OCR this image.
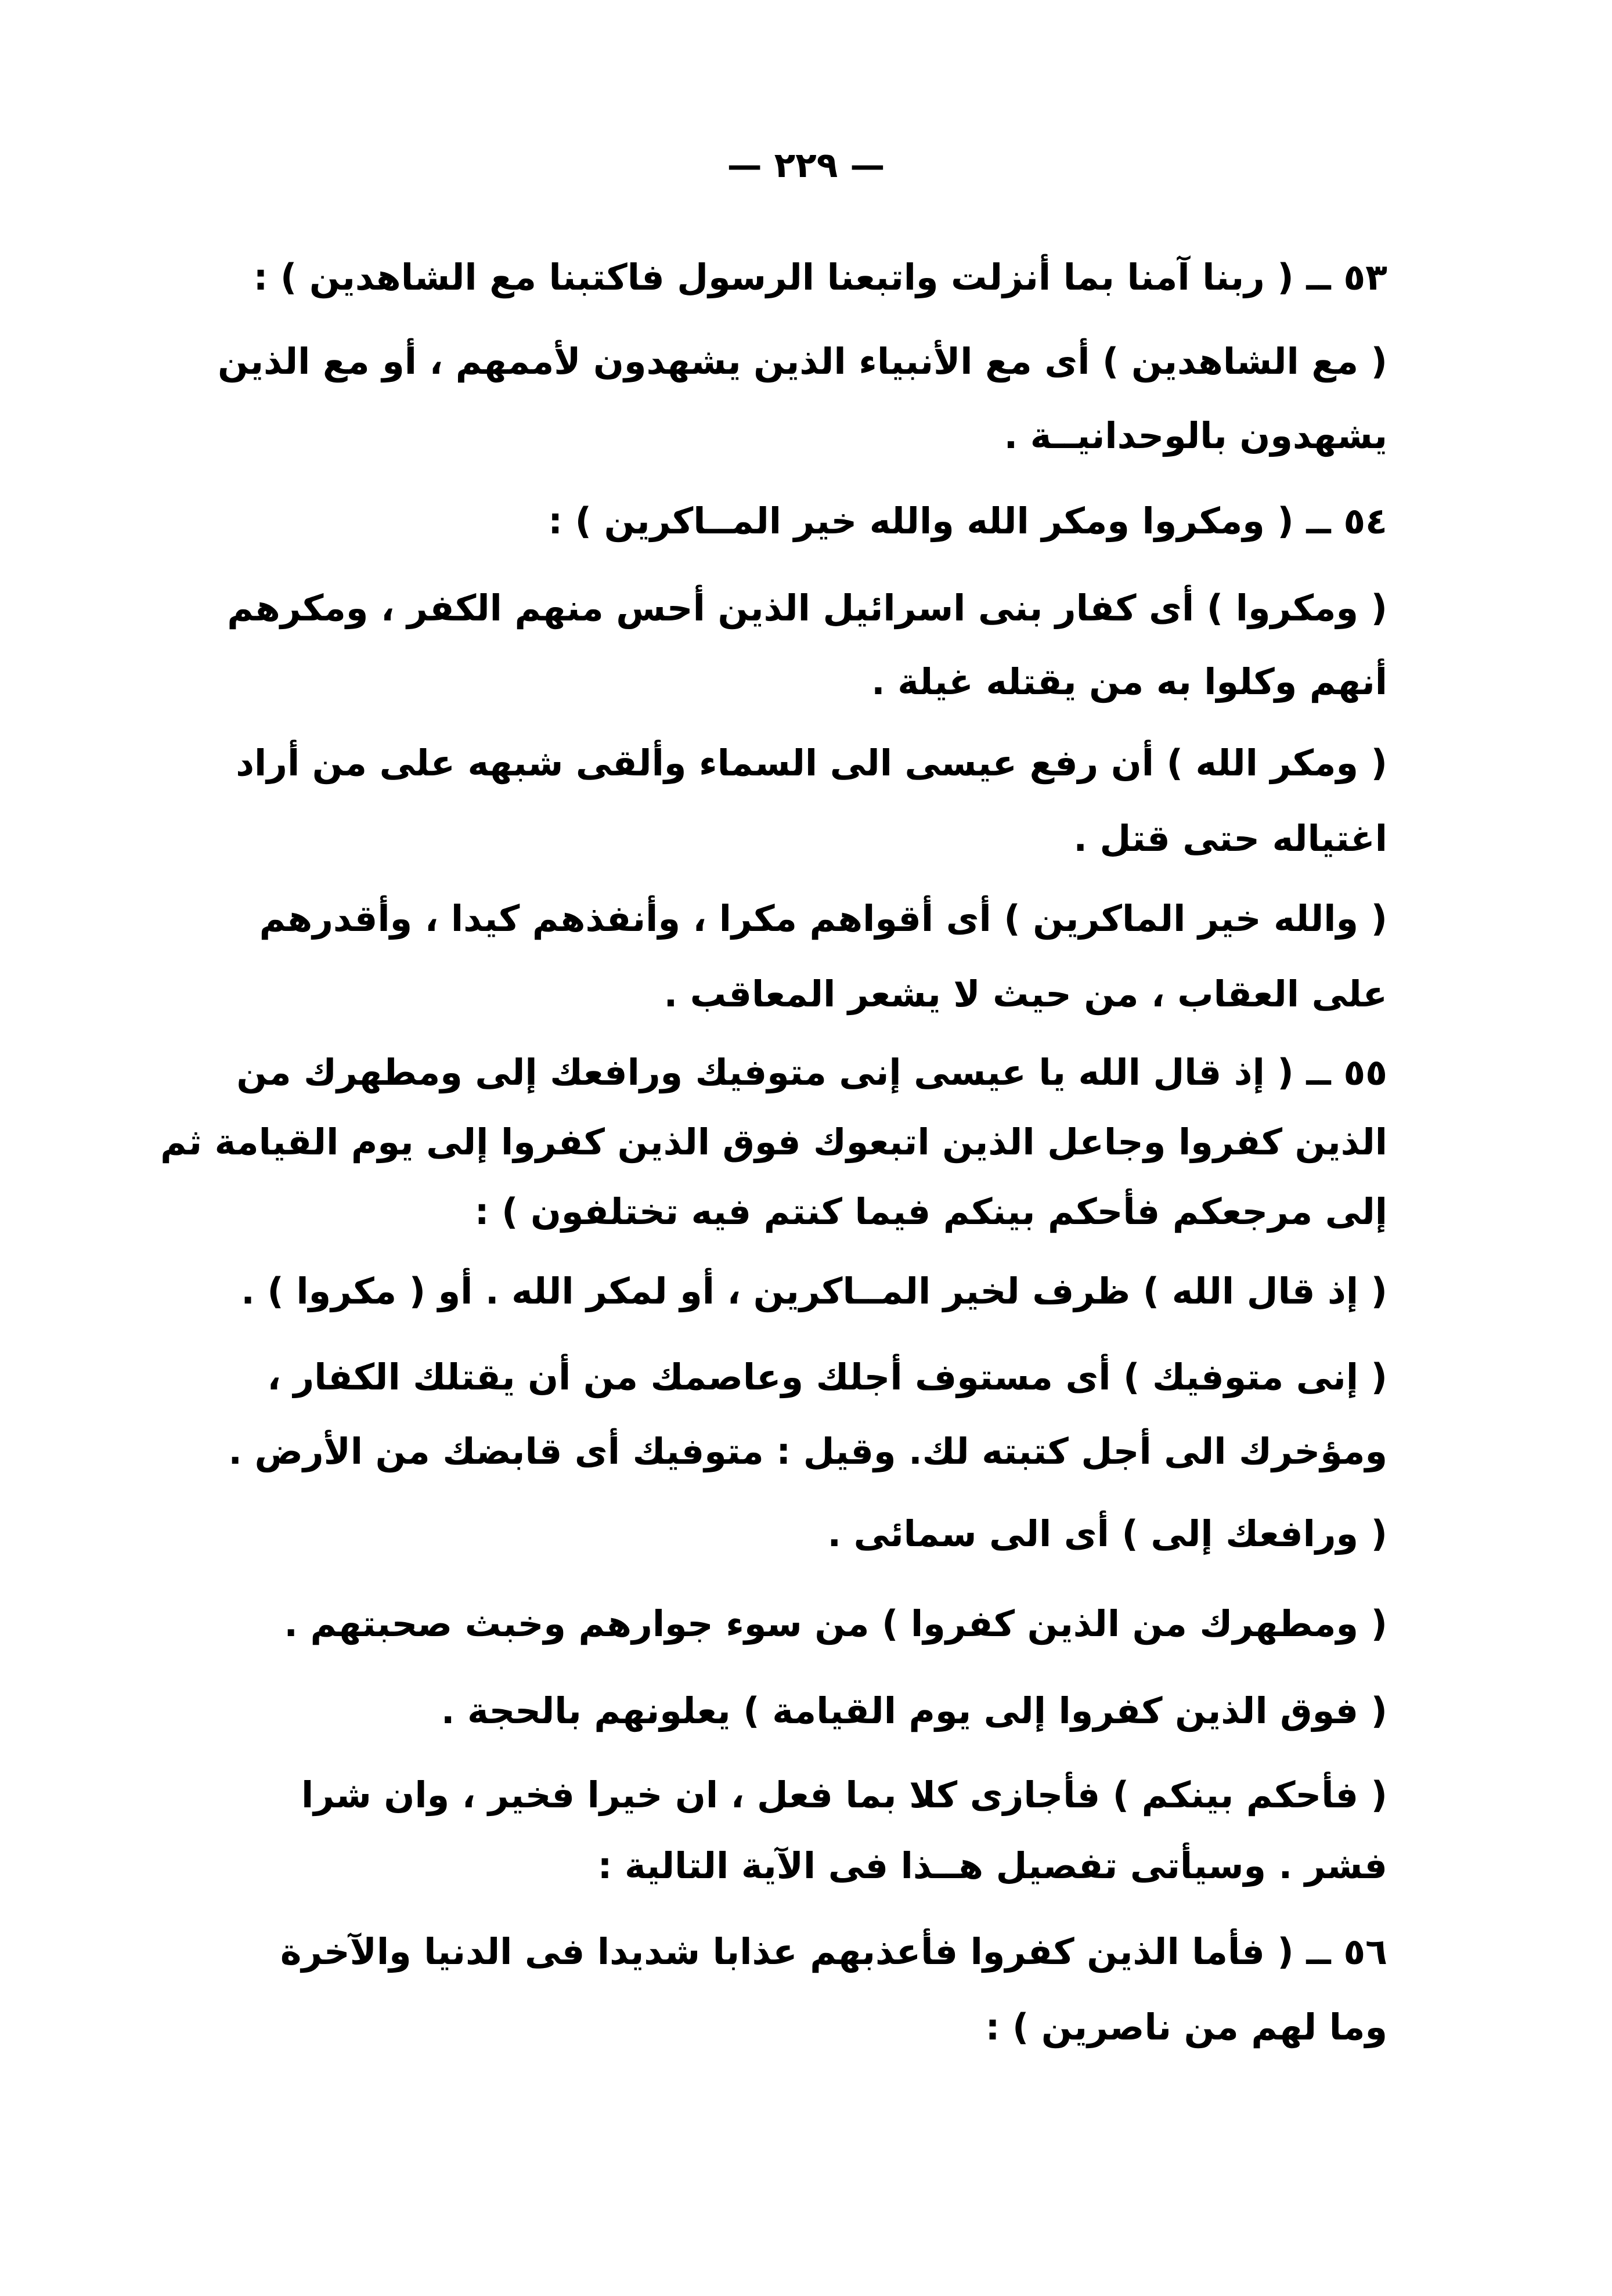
— ٢٢٩ —
٥٣ ــ ( ربنا آمنا بما أنزلت واتبعنا الرسول فاكتبنا مع الشاهدين ) :
( مع الشاهدين ) أى مع الأنبياء الذين يشهدون لأممهم ، أو مع الذين
يشهدون بالوحدانيــة .
٥٤ ــ ( ومكروا ومكر الله والله خير المــاكرين ) :
( ومكروا ) أى كفار بنى اسرائيل الذين أحس منهم الكفر ، ومكرهم
أنهم وكلوا به من يقتله غيلة .
( ومكر الله ) أن رفع عيسى الى السماء وألقى شبهه على من أراد
اغتياله حتى قتل .
( والله خير الماكرين ) أى أقواهم مكرا ، وأنفذهم كيدا ، وأقدرهم
على العقاب ، من حيث لا يشعر المعاقب .
٥٥ ــ ( إذ قال الله يا عيسى إنى متوفيك ورافعك إلى ومطهرك من
الذين كفروا وجاعل الذين اتبعوك فوق الذين كفروا إلى يوم القيامة ثم
إلى مرجعكم فأحكم بينكم فيما كنتم فيه تختلفون ) :
( إذ قال الله ) ظرف لخير المــاكرين ، أو لمكر الله . أو ( مكروا ) .
( إنى متوفيك ) أى مستوف أجلك وعاصمك من أن يقتلك الكفار ،
ومؤخرك الى أجل كتبته لك. وقيل : متوفيك أى قابضك من الأرض .
( ورافعك إلى ) أى الى سمائى .
( ومطهرك من الذين كفروا ) من سوء جوارهم وخبث صحبتهم .
( فوق الذين كفروا إلى يوم القيامة ) يعلونهم بالحجة .
( فأحكم بينكم ) فأجازى كلا بما فعل ، ان خيرا فخير ، وان شرا
فشر . وسيأتى تفصيل هــذا فى الآية التالية :
٥٦ ــ ( فأما الذين كفروا فأعذبهم عذابا شديدا فى الدنيا والآخرة
وما لهم من ناصرين ) :
